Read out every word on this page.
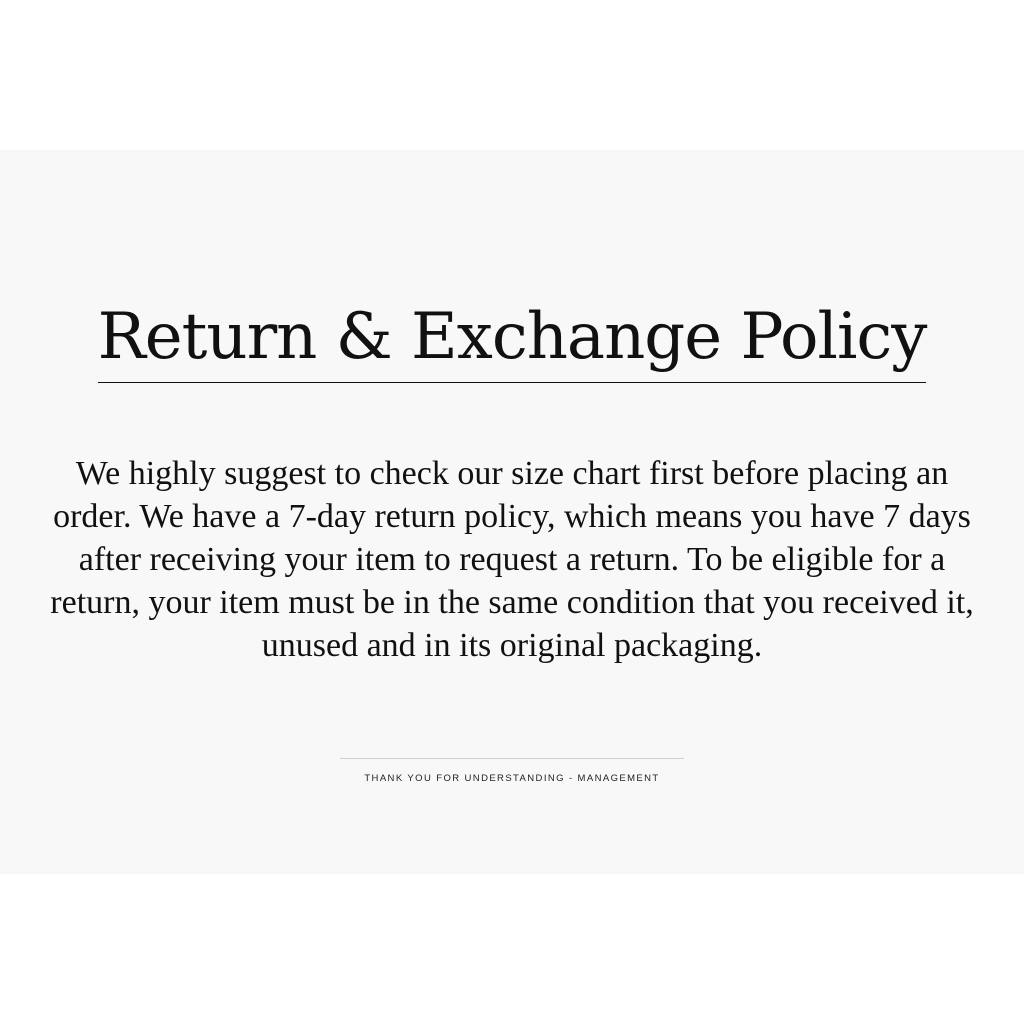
Return & Exchange Policy
We highly suggest to check our size chart first before placing an order. We have a 7-day return policy, which means you have 7 days after receiving your item to request a return. To be eligible for a return, your item must be in the same condition that you received it, unused and in its original packaging.
THANK YOU FOR UNDERSTANDING - MANAGEMENT
